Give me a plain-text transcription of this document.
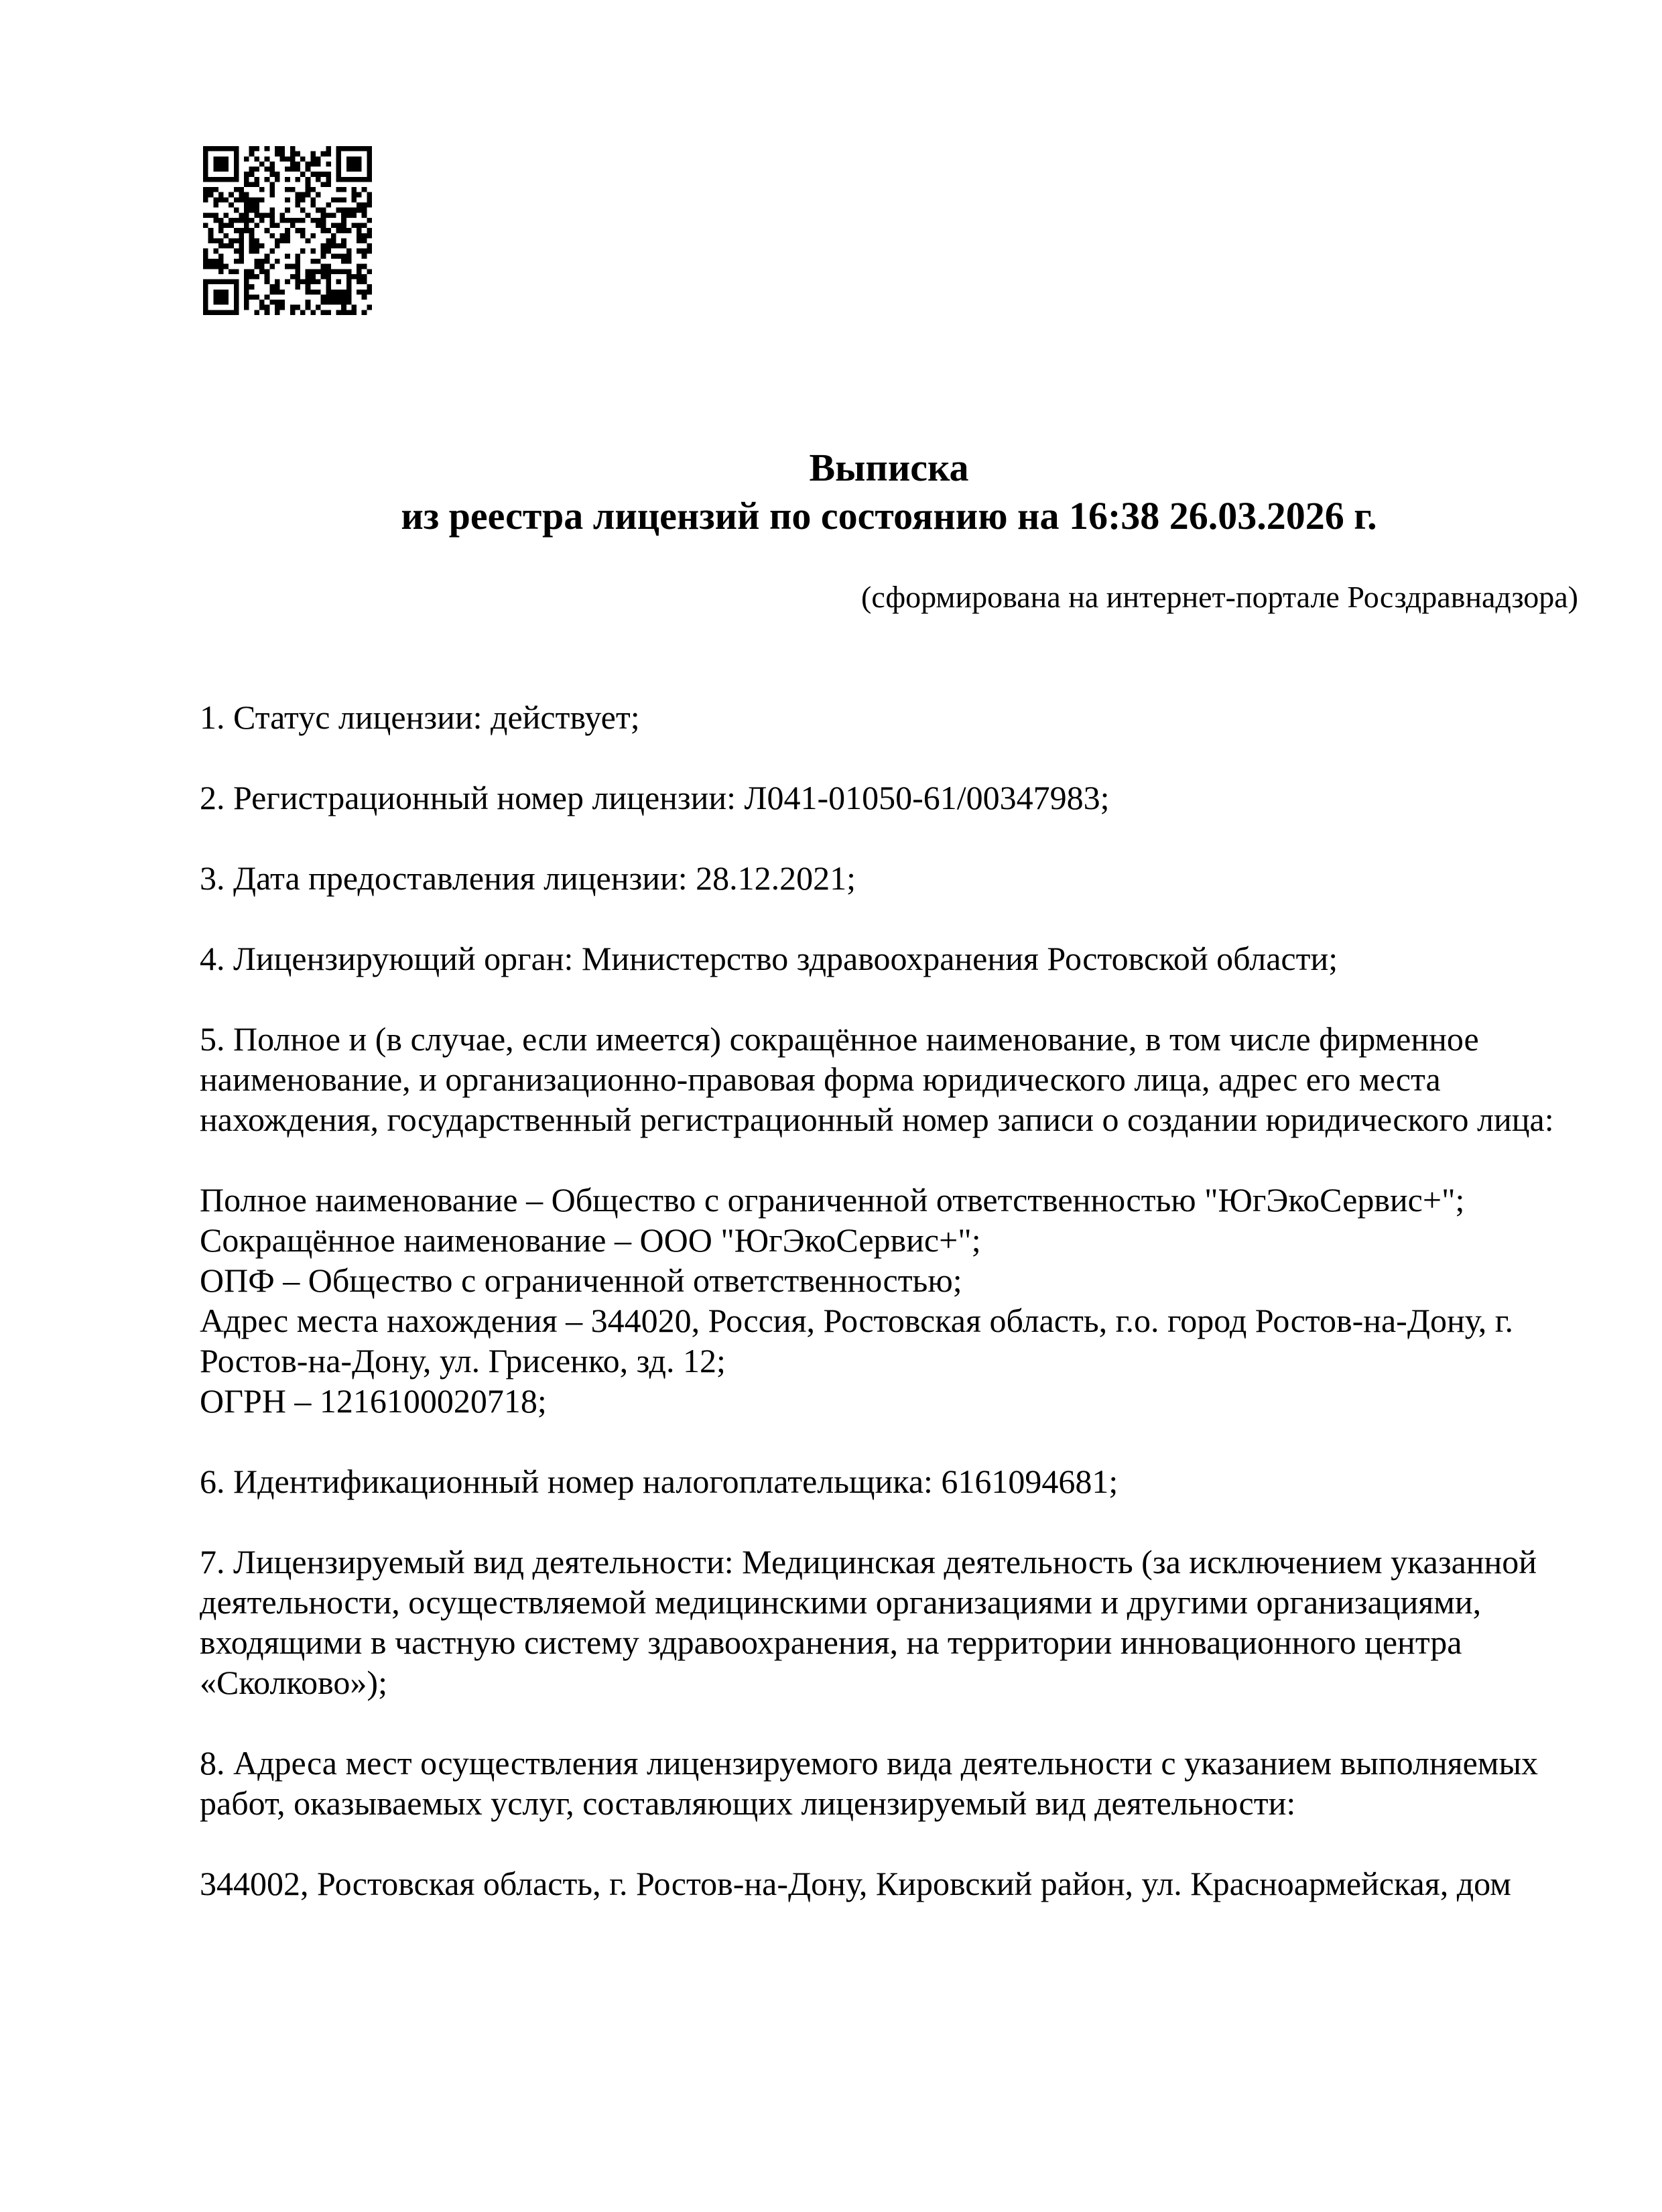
Выписка
из реестра лицензий по состоянию на 16:38 26.03.2026 г.
(сформирована на интернет-портале Росздравнадзора)

1. Статус лицензии: действует;

2. Регистрационный номер лицензии: Л041-01050-61/00347983;

3. Дата предоставления лицензии: 28.12.2021;

4. Лицензирующий орган: Министерство здравоохранения Ростовской области;

5. Полное и (в случае, если имеется) сокращённое наименование, в том числе фирменное
наименование, и организационно-правовая форма юридического лица, адрес его места
нахождения, государственный регистрационный номер записи о создании юридического лица:

Полное наименование – Общество с ограниченной ответственностью "ЮгЭкоСервис+";
Сокращённое наименование – ООО "ЮгЭкоСервис+";
ОПФ – Общество с ограниченной ответственностью;
Адрес места нахождения – 344020, Россия, Ростовская область, г.о. город Ростов-на-Дону, г.
Ростов-на-Дону, ул. Грисенко, зд. 12;
ОГРН – 1216100020718;

6. Идентификационный номер налогоплательщика: 6161094681;

7. Лицензируемый вид деятельности: Медицинская деятельность (за исключением указанной
деятельности, осуществляемой медицинскими организациями и другими организациями,
входящими в частную систему здравоохранения, на территории инновационного центра
«Сколково»);

8. Адреса мест осуществления лицензируемого вида деятельности с указанием выполняемых
работ, оказываемых услуг, составляющих лицензируемый вид деятельности:

344002, Ростовская область, г. Ростов-на-Дону, Кировский район, ул. Красноармейская, дом
